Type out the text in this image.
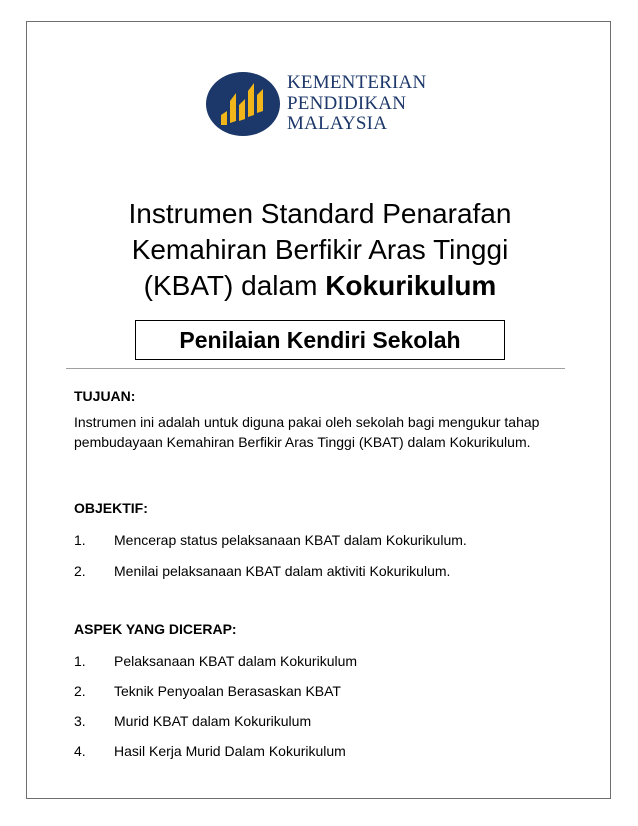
KEMENTERIAN
PENDIDIKAN
MALAYSIA
Instrumen Standard Penarafan
Kemahiran Berfikir Aras Tinggi
(KBAT) dalam Kokurikulum
Penilaian Kendiri Sekolah
TUJUAN:
Instrumen ini adalah untuk diguna pakai oleh sekolah bagi mengukur tahap
pembudayaan Kemahiran Berfikir Aras Tinggi (KBAT) dalam Kokurikulum.
OBJEKTIF:
1.	Mencerap status pelaksanaan KBAT dalam Kokurikulum.
2.	Menilai pelaksanaan KBAT dalam aktiviti Kokurikulum.
ASPEK YANG DICERAP:
1.	Pelaksanaan KBAT dalam Kokurikulum
2.	Teknik Penyoalan Berasaskan KBAT
3.	Murid KBAT dalam Kokurikulum
4.	Hasil Kerja Murid Dalam Kokurikulum
